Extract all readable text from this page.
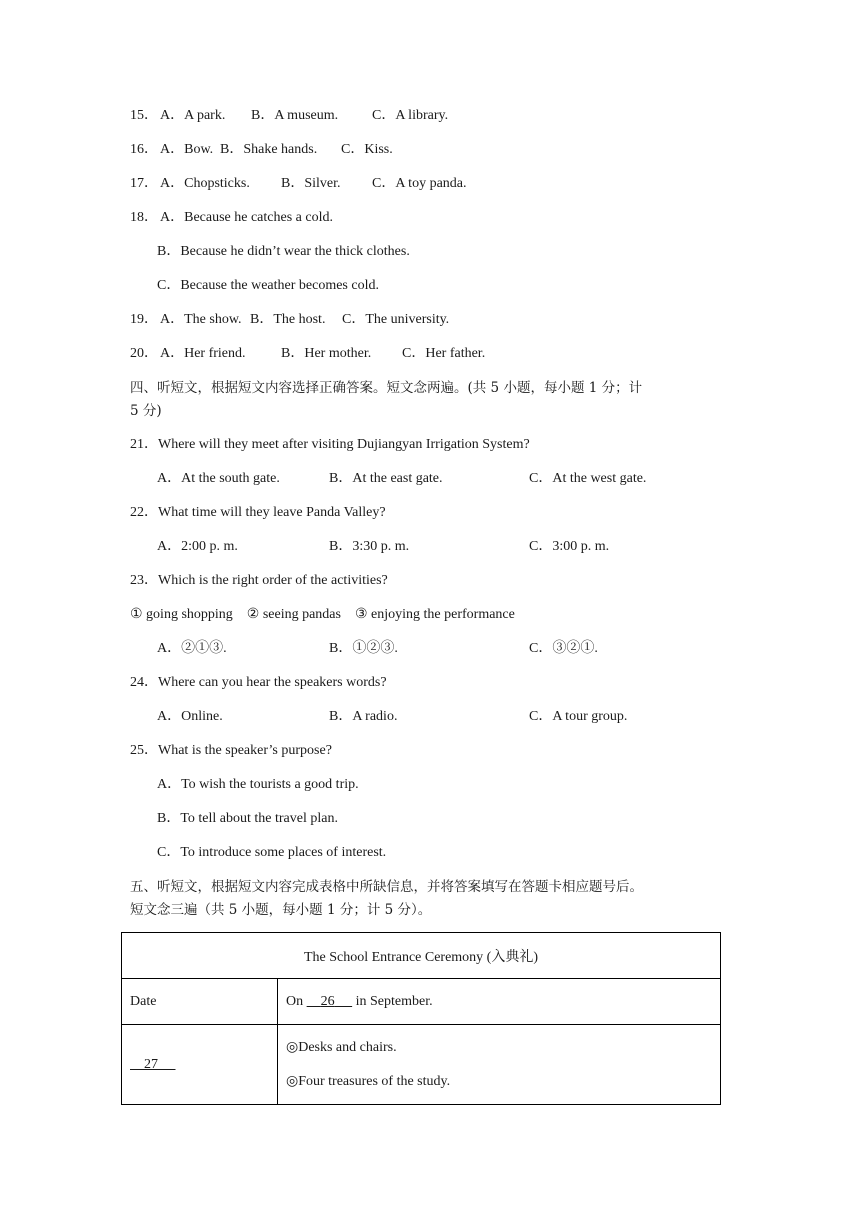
15． A．A park. B．A museum. C．A library.
16． A．Bow. B．Shake hands. C．Kiss.
17． A．Chopsticks. B．Silver. C．A toy panda.
18． A．Because he catches a cold.
B．Because he didn’t wear the thick clothes.
C．Because the weather becomes cold.
19． A．The show. B．The host. C．The university.
20． A．Her friend.	B．Her mother. C．Her father.
四、听短文，根据短文内容选择正确答案。短文念两遍。(共 5 小题，每小题 1 分；计
5 分)
21．Where will they meet after visiting Dujiangyan Irrigation System?
A．At the south gate.	B．At the east gate.	C．At the west gate.
22．What time will they leave Panda Valley?
A．2:00 p. m.	B．3:30 p. m.	C．3:00 p. m.
23．Which is the right order of the activities?
① going shopping    ② seeing pandas    ③ enjoying the performance
A．②①③.	B．①②③.	C．③②①.
24．Where can you hear the speakers words?
A．Online.	B．A radio.	C．A tour group.
25．What is the speaker’s purpose?
A．To wish the tourists a good trip.
B．To tell about the travel plan.
C．To introduce some places of interest.
五、听短文，根据短文内容完成表格中所缺信息，并将答案填写在答题卡相应题号后。
短文念三遍（共 5 小题，每小题 1 分；计 5 分）。
The School Entrance Ceremony (入典礼)	
Date	On 26 in September.
27	◎Desks and chairs.
◎Four treasures of the study.
